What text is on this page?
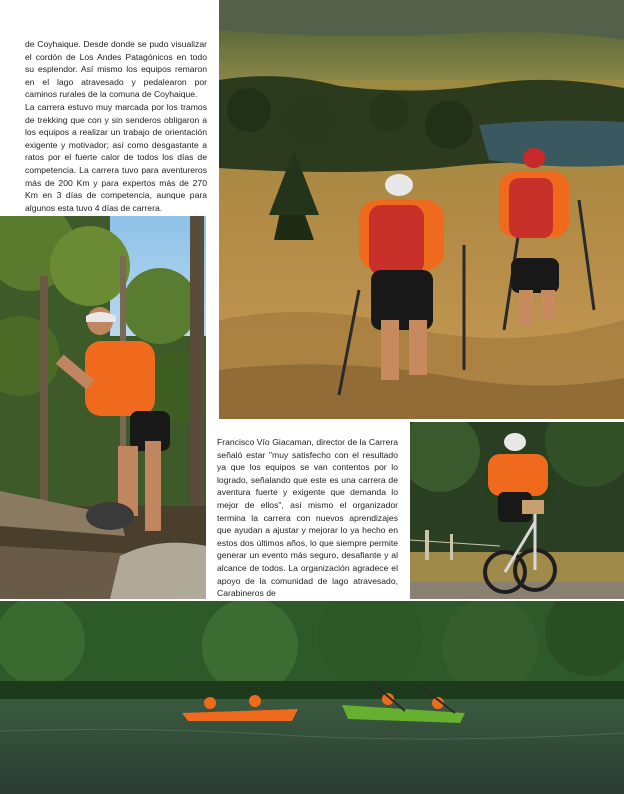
de Coyhaique. Desde donde se pudo visualizar el cordón de Los Andes Patagónicos en todo su esplendor. Así mismo los equipos remaron en el lago atravesado y pedalearon por caminos rurales de la comuna de Coyhaique.

La carrera estuvo muy marcada por los tramos de trekking que con y sin senderos obligaron a los equipos a realizar un trabajo de orientación exigente y motivador; así como desgastante a ratos por el fuerte calor de todos los días de competencia. La carrera tuvo para aventureros más de 200 Km y para expertos más de 270 Km en 3 días de competencia, aunque para algunos esta tuvo 4 días de carrera.

Francisco Vío Giacaman, director de la Carrera señaló estar "muy satisfecho con el resultado ya que los equipos se van contentos por lo logrado, señalando que este es una carrera de aventura fuerte y exigente que demanda lo mejor de ellos", así mismo el organizador termina la carrera con nuevos aprendizajes que ayudan a ajustar y mejorar lo ya hecho en estos dos últimos años, lo que siempre permite generar un evento más seguro, desafiante y al alcance de todos. La organización agradece el apoyo de la comunidad de lago atravesado, Carabineros de
